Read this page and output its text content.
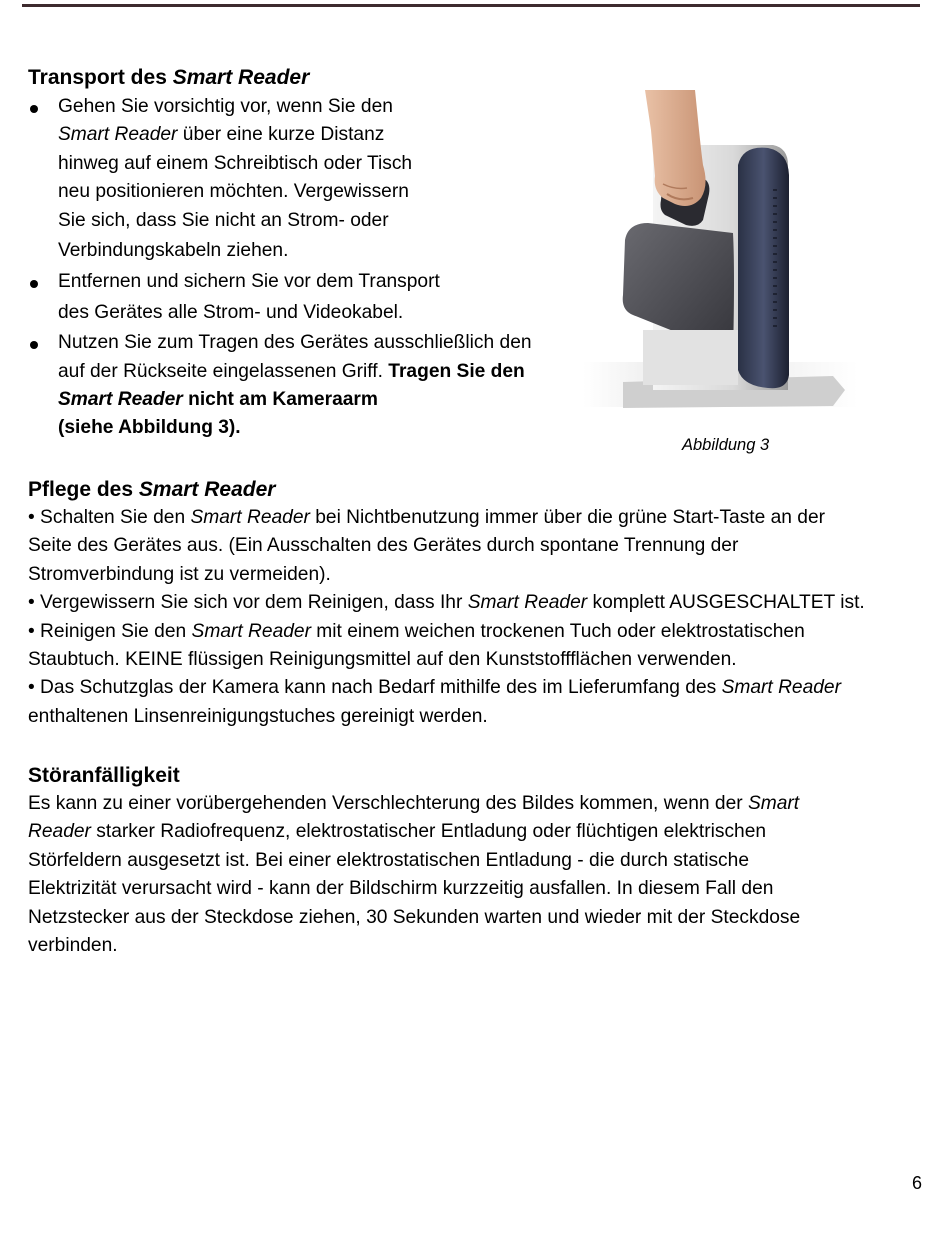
Transport des Smart Reader
Gehen Sie vorsichtig vor, wenn Sie den
Smart Reader über eine kurze Distanz
hinweg auf einem Schreibtisch oder Tisch
neu positionieren möchten. Vergewissern
Sie sich, dass Sie nicht an Strom- oder
Verbindungskabeln ziehen.
Entfernen und sichern Sie vor dem Transport
des Gerätes alle Strom- und Videokabel.
Nutzen Sie zum Tragen des Gerätes ausschließlich den
auf der Rückseite eingelassenen Griff. Tragen Sie den
Smart Reader nicht am Kameraarm
(siehe Abbildung 3).
Abbildung 3
Pflege des Smart Reader

• Schalten Sie den Smart Reader bei Nichtbenutzung immer über die grüne Start-Taste an der
Seite des Gerätes aus. (Ein Ausschalten des Gerätes durch spontane Trennung der
Stromverbindung ist zu vermeiden).
• Vergewissern Sie sich vor dem Reinigen, dass Ihr Smart Reader komplett AUSGESCHALTET ist.
• Reinigen Sie den Smart Reader mit einem weichen trockenen Tuch oder elektrostatischen
Staubtuch. KEINE flüssigen Reinigungsmittel auf den Kunststoffflächen verwenden.
• Das Schutzglas der Kamera kann nach Bedarf mithilfe des im Lieferumfang des Smart Reader
enthaltenen Linsenreinigungstuches gereinigt werden.

Störanfälligkeit

Es kann zu einer vorübergehenden Verschlechterung des Bildes kommen, wenn der Smart
Reader starker Radiofrequenz, elektrostatischer Entladung oder flüchtigen elektrischen
Störfeldern ausgesetzt ist. Bei einer elektrostatischen Entladung - die durch statische
Elektrizität verursacht wird - kann der Bildschirm kurzzeitig ausfallen. In diesem Fall den
Netzstecker aus der Steckdose ziehen, 30 Sekunden warten und wieder mit der Steckdose
verbinden.

6
